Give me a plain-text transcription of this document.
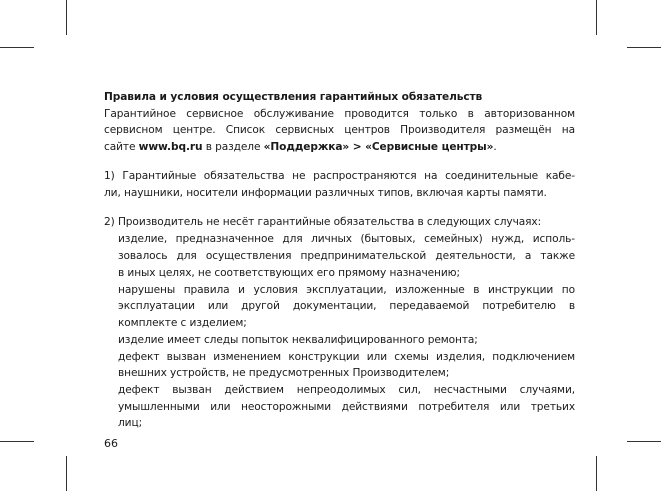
Правила и условия осуществления гарантийных обязательств
Гарантийное сервисное обслуживание проводится только в авторизованном
сервисном центре. Список сервисных центров Производителя размещён на
сайте www.bq.ru в разделе «Поддержка» > «Сервисные центры».
1) Гарантийные обязательства не распространяются на соединительные кабе-
ли, наушники, носители информации различных типов, включая карты памяти.
2) Производитель не несёт гарантийные обязательства в следующих случаях:
изделие, предназначенное для личных (бытовых, семейных) нужд, исполь-
зовалось для осуществления предпринимательской деятельности, а также
в иных целях, не соответствующих его прямому назначению;
нарушены правила и условия эксплуатации, изложенные в инструкции по
эксплуатации или другой документации, передаваемой потребителю в
комплекте с изделием;
изделие имеет следы попыток неквалифицированного ремонта;
дефект вызван изменением конструкции или схемы изделия, подключением
внешних устройств, не предусмотренных Производителем;
дефект вызван действием непреодолимых сил, несчастными случаями,
умышленными или неосторожными действиями потребителя или третьих
лиц;
66
